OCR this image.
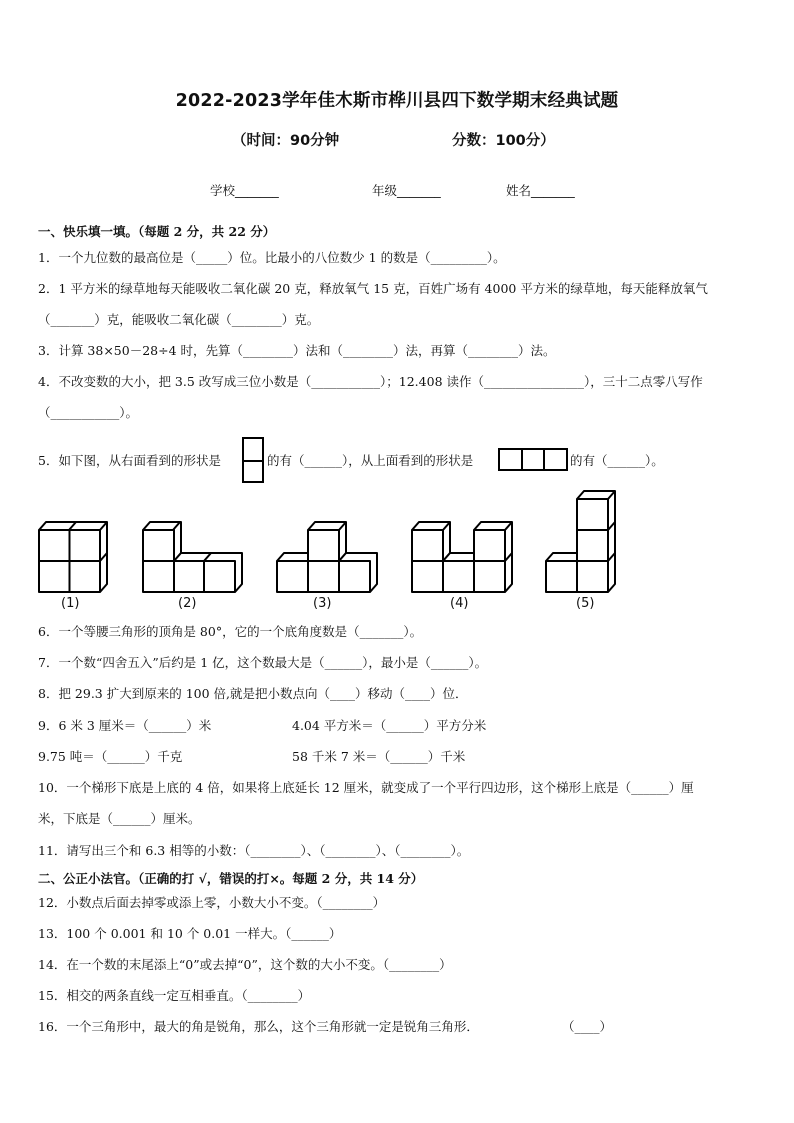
2022-2023学年佳木斯市桦川县四下数学期末经典试题
（时间：90分钟	分数：100分）
学校_______	年级_______	姓名_______
一、快乐填一填。（每题 2 分，共 22 分）
1．一个九位数的最高位是（_____）位。比最小的八位数少 1 的数是（_________）。
2．1 平方米的绿草地每天能吸收二氧化碳 20 克，释放氧气 15 克，百姓广场有 4000 平方米的绿草地，每天能释放氧气
（_______）克，能吸收二氧化碳（________）克。
3．计算 38×50－28÷4 时，先算（________）法和（________）法，再算（________）法。
4．不改变数的大小，把 3.5 改写成三位小数是（___________）；12.408 读作（________________），三十二点零八写作
（___________）。
5．如下图，从右面看到的形状是	的有（______），从上面看到的形状是	的有（______）。
(1)	(2)	(3)	(4)	(5)
6．一个等腰三角形的顶角是 80°，它的一个底角度数是（_______）。
7．一个数“四舍五入”后约是 1 亿，这个数最大是（______），最小是（______）。
8．把 29.3 扩大到原来的 100 倍,就是把小数点向（____）移动（____）位．
9．6 米 3 厘米＝（______）米	4.04 平方米＝（______）平方分米
9.75 吨＝（______）千克	58 千米 7 米＝（______）千米
10．一个梯形下底是上底的 4 倍，如果将上底延长 12 厘米，就变成了一个平行四边形，这个梯形上底是（______）厘
米，下底是（______）厘米。
11．请写出三个和 6.3 相等的小数：（________）、（________）、（________）。
二、公正小法官。（正确的打 √，错误的打×。每题 2 分，共 14 分）
12．小数点后面去掉零或添上零，小数大小不变。（________）
13．100 个 0.001 和 10 个 0.01 一样大。（______）
14．在一个数的末尾添上“0”或去掉“0”，这个数的大小不变。（________）
15．相交的两条直线一定互相垂直。（________）
16．一个三角形中，最大的角是锐角，那么，这个三角形就一定是锐角三角形．	（____）
